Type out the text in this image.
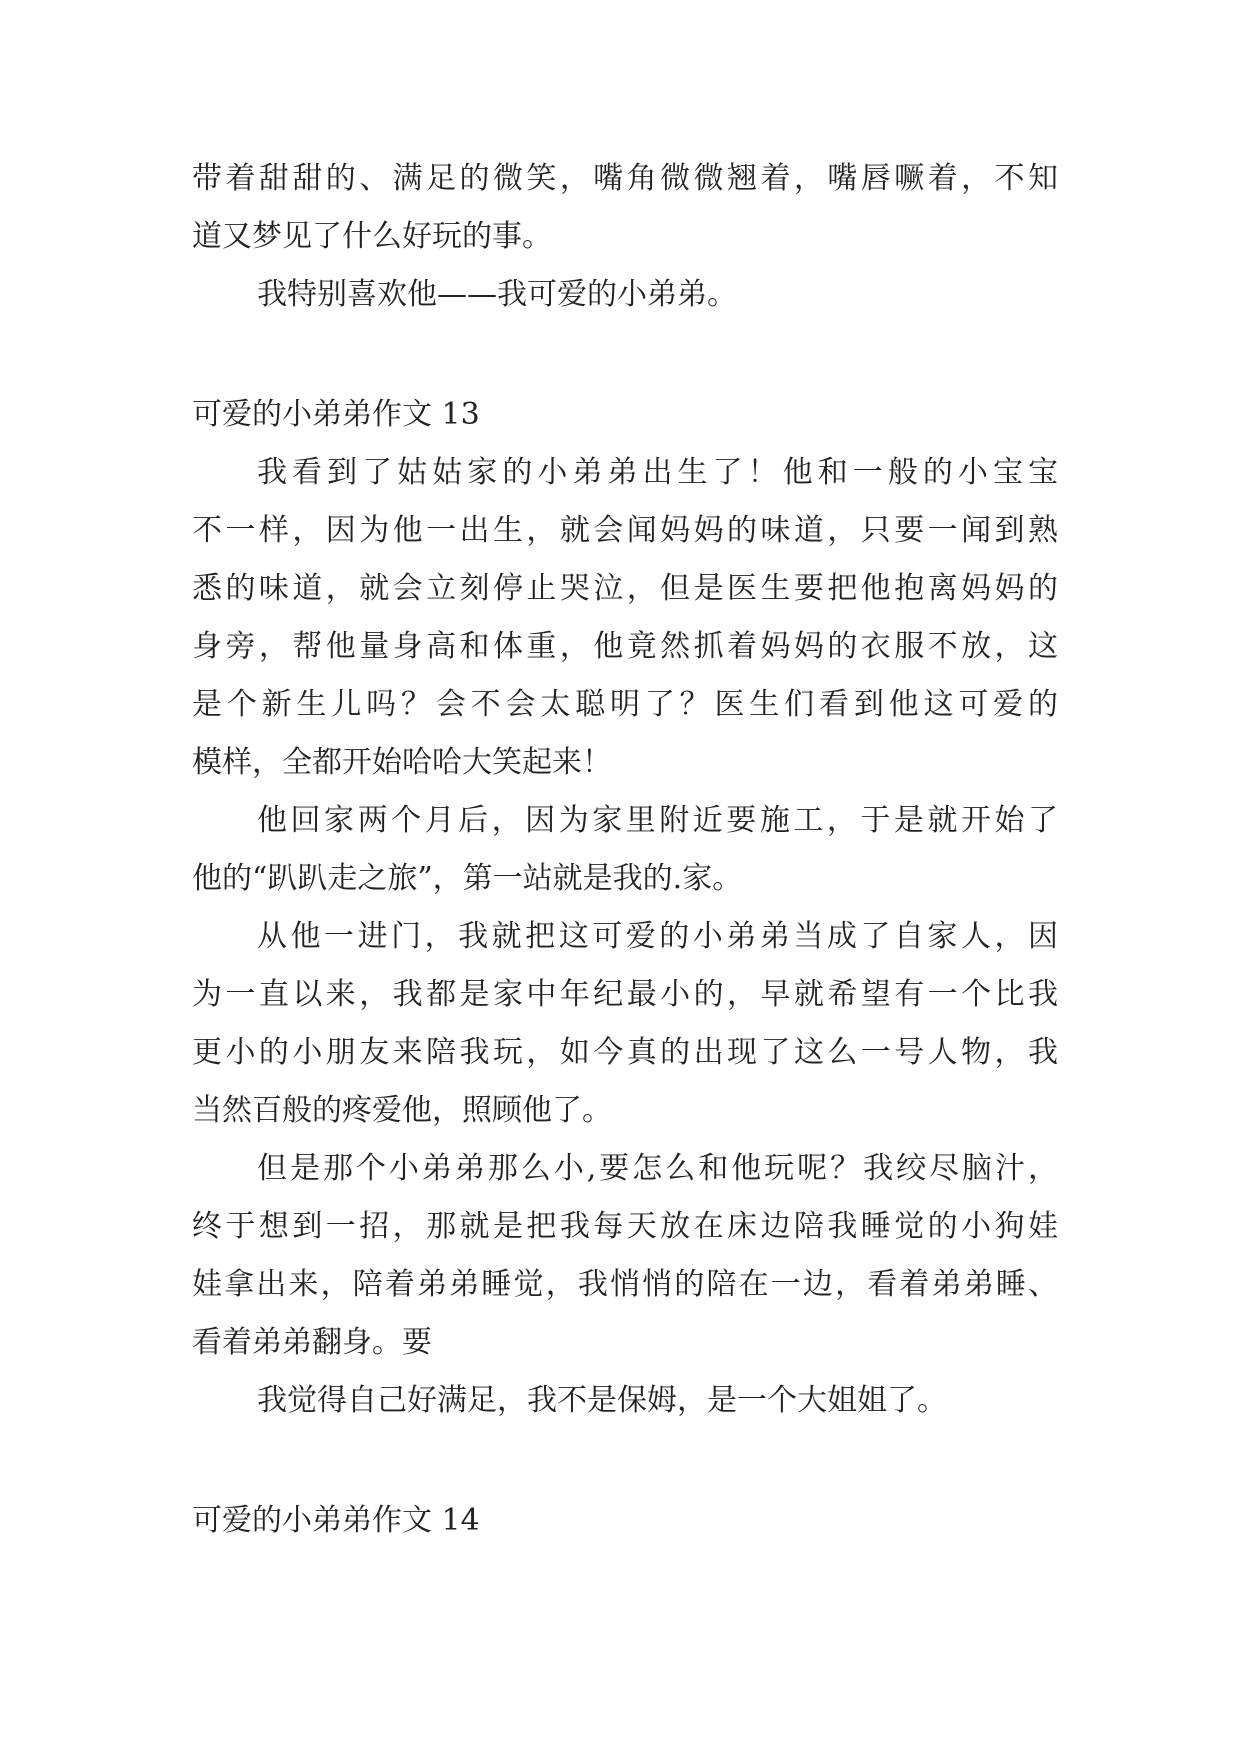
带着甜甜的、满足的微笑，嘴角微微翘着，嘴唇噘着，不知
道又梦见了什么好玩的事。
我特别喜欢他——我可爱的小弟弟。
可爱的小弟弟作文 13
我看到了姑姑家的小弟弟出生了！他和一般的小宝宝
不一样，因为他一出生，就会闻妈妈的味道，只要一闻到熟
悉的味道，就会立刻停止哭泣，但是医生要把他抱离妈妈的
身旁，帮他量身高和体重，他竟然抓着妈妈的衣服不放，这
是个新生儿吗？会不会太聪明了？医生们看到他这可爱的
模样，全都开始哈哈大笑起来！
他回家两个月后，因为家里附近要施工，于是就开始了
他的“趴趴走之旅”，第一站就是我的.家。
从他一进门，我就把这可爱的小弟弟当成了自家人，因
为一直以来，我都是家中年纪最小的，早就希望有一个比我
更小的小朋友来陪我玩，如今真的出现了这么一号人物，我
当然百般的疼爱他，照顾他了。
但是那个小弟弟那么小,要怎么和他玩呢？我绞尽脑汁，
终于想到一招，那就是把我每天放在床边陪我睡觉的小狗娃
娃拿出来，陪着弟弟睡觉，我悄悄的陪在一边，看着弟弟睡、
看着弟弟翻身。要
我觉得自己好满足，我不是保姆，是一个大姐姐了。
可爱的小弟弟作文 14
